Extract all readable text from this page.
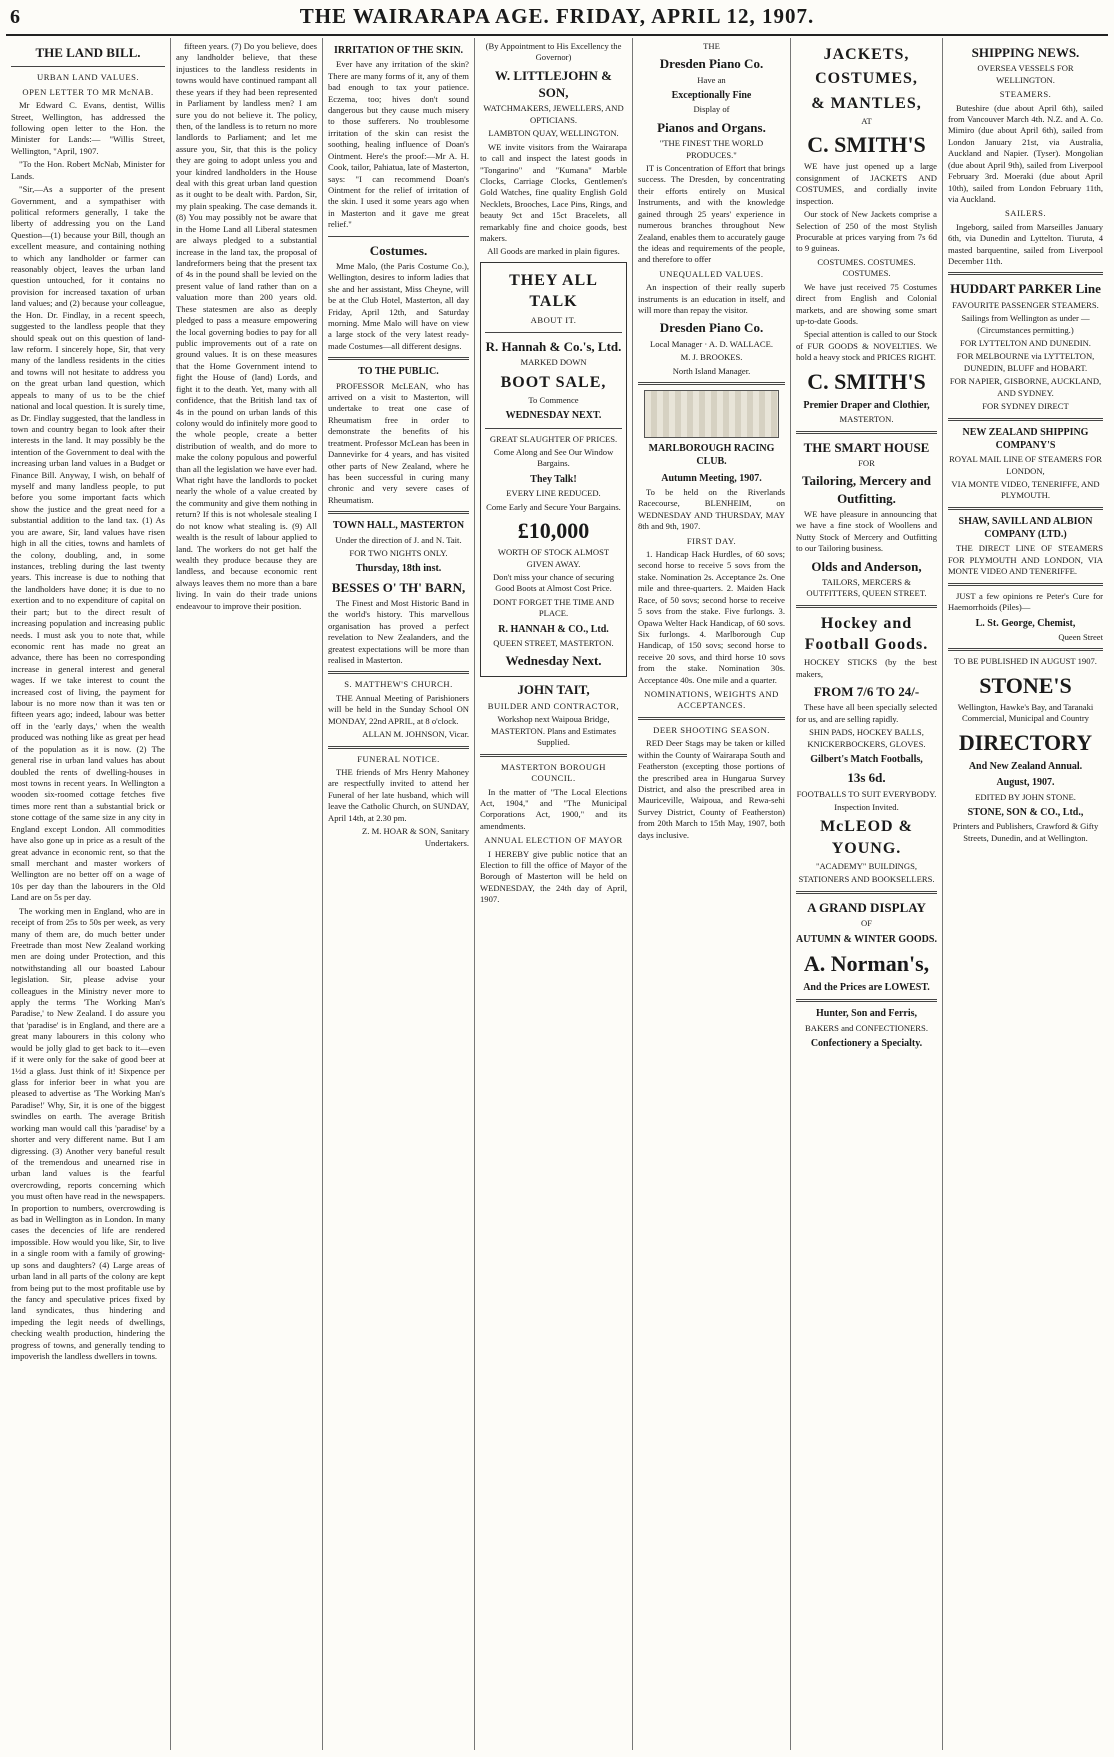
6	THE WAIRARAPA AGE. FRIDAY, APRIL 12, 1907.
THE LAND BILL.
URBAN LAND VALUES.
OPEN LETTER TO MR McNAB.

Mr Edward C. Evans, dentist, Willis Street, Wellington, has addressed the following open letter to the Hon. the Minister for Lands:— "Willis Street, Wellington, "April, 1907.

"To the Hon. Robert McNab, Minister for Lands.

"Sir,—As a supporter of the present Government, and a sympathiser with political reformers generally, I take the liberty of addressing you on the Land Question—(1) because your Bill, though an excellent measure, and containing nothing to which any landholder or farmer can reasonably object, leaves the urban land question untouched, for it contains no provision for increased taxation of urban land values; and (2) because your colleague, the Hon. Dr. Findlay, in a recent speech, suggested to the landless people that they should speak out on this question of land-law reform. I sincerely hope, Sir, that very many of the landless residents in the cities and towns will not hesitate to address you on the great urban land question, which appeals to many of us to be the chief national and local question. It is surely time, as Dr. Findlay suggested, that the landless in town and country began to look after their interests in the land. It may possibly be the intention of the Government to deal with the increasing urban land values in a Budget or Finance Bill. Anyway, I wish, on behalf of myself and many landless people, to put before you some important facts which show the justice and the great need for a substantial addition to the land tax. (1) As you are aware, Sir, land values have risen high in all the cities, towns and hamlets of the colony, doubling, and, in some instances, trebling during the last twenty years. This increase is due to nothing that the landholders have done; it is due to no exertion and to no expenditure of capital on their part; but to the direct result of increasing population and increasing public needs. I must ask you to note that, while economic rent has made no great an advance, there has been no corresponding increase in general interest and general wages. If we take interest to count the increased cost of living, the payment for labour is no more now than it was ten or fifteen years ago; indeed, labour was better off in the 'early days,' when the wealth produced was nothing like as great per head of the population as it is now. (2) The general rise in urban land values has about doubled the rents of dwelling-houses in most towns in recent years. In Wellington a wooden six-roomed cottage fetches five times more rent than a substantial brick or stone cottage of the same size in any city in England except London. All commodities have also gone up in price as a result of the great advance in economic rent, so that the small merchant and master workers of Wellington are no better off on a wage of 10s per day than the labourers in the Old Land are on 5s per day.

The working men in England, who are in receipt of from 25s to 50s per week, as very many of them are, do much better under Freetrade than most New Zealand working men are doing under Protection, and this notwithstanding all our boasted Labour legislation. Sir, please advise your colleagues in the Ministry never more to apply the terms 'The Working Man's Paradise,' to New Zealand. I do assure you that 'paradise' is in England, and there are a great many labourers in this colony who would be jolly glad to get back to it—even if it were only for the sake of good beer at 1½d a glass. Just think of it! Sixpence per glass for inferior beer in what you are pleased to advertise as 'The Working Man's Paradise!' Why, Sir, it is one of the biggest swindles on earth. The average British working man would call this 'paradise' by a shorter and very different name. But I am digressing. (3) Another very baneful result of the tremendous and unearned rise in urban land values is the fearful overcrowding, reports concerning which you must often have read in the newspapers. In proportion to numbers, overcrowding is as bad in Wellington as in London. In many cases the decencies of life are rendered impossible. How would you like, Sir, to live in a single room with a family of growing-up sons and daughters? (4) Large areas of urban land in all parts of the colony are kept from being put to the most profitable use by the fancy and speculative prices fixed by land syndicates, thus hindering and impeding the legit needs of dwellings, checking wealth production, hindering the progress of towns, and generally tending to impoverish the landless dwellers in towns.

fifteen years. (7) Do you believe, does any landholder believe, that these injustices to the landless residents in towns would have continued rampant all these years if they had been represented in Parliament by landless men? I am sure you do not believe it. The policy, then, of the landless is to return no more landlords to Parliament; and let me assure you, Sir, that this is the policy they are going to adopt unless you and your kindred landholders in the House deal with this great urban land question as it ought to be dealt with. Pardon, Sir, my plain speaking. The case demands it. (8) You may possibly not be aware that in the Home Land all Liberal statesmen are always pledged to a substantial increase in the land tax, the proposal of landreformers being that the present tax of 4s in the pound shall be levied on the present value of land rather than on a valuation more than 200 years old. These statesmen are also as deeply pledged to pass a measure empowering the local governing bodies to pay for all public improvements out of a rate on ground values. It is on these measures that the Home Government intend to fight the House of (land) Lords, and fight it to the death. Yet, many with all confidence, that the British land tax of 4s in the pound on urban lands of this colony would do infinitely more good to the whole people, create a better distribution of wealth, and do more to make the colony populous and powerful than all the legislation we have ever had. What right have the landlords to pocket nearly the whole of a value created by the community and give them nothing in return? If this is not wholesale stealing I do not know what stealing is. (9) All wealth is the result of labour applied to land. The workers do not get half the wealth they produce because they are landless, and because economic rent always leaves them no more than a bare living. In vain do their trade unions endeavour to improve their position.

IRRITATION OF THE SKIN.

Ever have any irritation of the skin? There are many forms of it, any of them bad enough to tax your patience. Eczema, too; hives don't sound dangerous but they cause much misery to those sufferers. No troublesome irritation of the skin can resist the soothing, healing influence of Doan's Ointment. Here's the proof:—Mr A. H. Cook, tailor, Pahiatua, late of Masterton, says: "I can recommend Doan's Ointment for the relief of irritation of the skin. I used it some years ago when in Masterton and it gave me great relief."

Costumes.

Mme Malo, (the Paris Costume Co.), Wellington, desires to inform ladies that she and her assistant, Miss Cheyne, will be at the Club Hotel, Masterton, all day Friday, April 12th, and Saturday morning. Mme Malo will have on view a large stock of the very latest ready-made Costumes—all different designs.

TO THE PUBLIC.

PROFESSOR McLEAN, who has arrived on a visit to Masterton, will undertake to treat one case of Rheumatism free in order to demonstrate the benefits of his treatment. Professor McLean has been in Dannevirke for 4 years, and has visited other parts of New Zealand, where he has been successful in curing many chronic and very severe cases of Rheumatism.

TOWN HALL, MASTERTON

Under the direction of J. and N. Tait.

FOR TWO NIGHTS ONLY.

Thursday, 18th inst.
BESSES O' TH' BARN,

The Finest and Most Historic Band in the world's history. This marvellous organisation has proved a perfect revelation to New Zealanders, and the greatest expectations will be more than realised in Masterton.

S. MATTHEW'S CHURCH.

THE Annual Meeting of Parishioners will be held in the Sunday School ON MONDAY, 22nd APRIL, at 8 o'clock.

ALLAN M. JOHNSON, Vicar.

FUNERAL NOTICE.

THE friends of Mrs Henry Mahoney are respectfully invited to attend her Funeral of her late husband, which will leave the Catholic Church, on SUNDAY, April 14th, at 2.30 pm.

Z. M. HOAR & SON, Sanitary Undertakers.

(By Appointment to His Excellency the Governor)

W. LITTLEJOHN & SON,

WATCHMAKERS, JEWELLERS, AND OPTICIANS.

LAMBTON QUAY, WELLINGTON.

WE invite visitors from the Wairarapa to call and inspect the latest goods in "Tongarino" and "Kumana" Marble Clocks, Carriage Clocks, Gentlemen's Gold Watches, fine quality English Gold Necklets, Brooches, Lace Pins, Rings, and beauty 9ct and 15ct Bracelets, all remarkably fine and choice goods, best makers.

All Goods are marked in plain figures.

THEY ALL TALK
ABOUT IT.
R. Hannah & Co.'s, Ltd.

MARKED DOWN

BOOT SALE,

To Commence

WEDNESDAY NEXT.

GREAT SLAUGHTER OF PRICES.

Come Along and See Our Window Bargains.

They Talk!

EVERY LINE REDUCED.

Come Early and Secure Your Bargains.

£10,000

WORTH OF STOCK ALMOST GIVEN AWAY.

Don't miss your chance of securing Good Boots at Almost Cost Price.

DONT FORGET THE TIME AND PLACE.

R. HANNAH & CO., Ltd.

QUEEN STREET, MASTERTON.

Wednesday Next.
JOHN TAIT,
BUILDER AND CONTRACTOR,

Workshop next Waipoua Bridge, MASTERTON. Plans and Estimates Supplied.

MASTERTON BOROUGH COUNCIL.

In the matter of "The Local Elections Act, 1904," and "The Municipal Corporations Act, 1900," and its amendments.

ANNUAL ELECTION OF MAYOR

I HEREBY give public notice that an Election to fill the office of Mayor of the Borough of Masterton will be held on WEDNESDAY, the 24th day of April, 1907.

THE

Dresden Piano Co.

Have an

Exceptionally Fine

Display of

Pianos and Organs.

"THE FINEST THE WORLD PRODUCES."

IT is Concentration of Effort that brings success. The Dresden, by concentrating their efforts entirely on Musical Instruments, and with the knowledge gained through 25 years' experience in numerous branches throughout New Zealand, enables them to accurately gauge the ideas and requirements of the people, and therefore to offer

UNEQUALLED VALUES.

An inspection of their really superb instruments is an education in itself, and will more than repay the visitor.

Dresden Piano Co.

Local Manager · A. D. WALLACE.

M. J. BROOKES.

North Island Manager.

MARLBOROUGH RACING CLUB.
Autumn Meeting, 1907.

To be held on the Riverlands Racecourse, BLENHEIM, on WEDNESDAY AND THURSDAY, MAY 8th and 9th, 1907.

FIRST DAY.

1. Handicap Hack Hurdles, of 60 sovs; second horse to receive 5 sovs from the stake. Nomination 2s. Acceptance 2s. One mile and three-quarters. 2. Maiden Hack Race, of 50 sovs; second horse to receive 5 sovs from the stake. Five furlongs. 3. Opawa Welter Hack Handicap, of 60 sovs. Six furlongs. 4. Marlborough Cup Handicap, of 150 sovs; second horse to receive 20 sovs, and third horse 10 sovs from the stake. Nomination 30s. Acceptance 40s. One mile and a quarter.

NOMINATIONS, WEIGHTS AND ACCEPTANCES.
DEER SHOOTING SEASON.

RED Deer Stags may be taken or killed within the County of Wairarapa South and Featherston (excepting those portions of the prescribed area in Hungarua Survey District, and also the prescribed area in Mauriceville, Waipoua, and Rewa-sehi Survey District, County of Featherston) from 20th March to 15th May, 1907, both days inclusive.

JACKETS,
COSTUMES,
& MANTLES,

AT

C. SMITH'S

WE have just opened up a large consignment of JACKETS AND COSTUMES, and cordially invite inspection.

Our stock of New Jackets comprise a Selection of 250 of the most Stylish Procurable at prices varying from 7s 6d to 9 guineas.

COSTUMES. COSTUMES. COSTUMES.

We have just received 75 Costumes direct from English and Colonial markets, and are showing some smart up-to-date Goods.

Special attention is called to our Stock of FUR GOODS & NOVELTIES. We hold a heavy stock and PRICES RIGHT.

C. SMITH'S
Premier Draper and Clothier,

MASTERTON.

THE SMART HOUSE

FOR

Tailoring, Mercery and Outfitting.

WE have pleasure in announcing that we have a fine stock of Woollens and Nutty Stock of Mercery and Outfitting to our Tailoring business.

Olds and Anderson,

TAILORS, MERCERS & OUTFITTERS, QUEEN STREET.

Hockey and Football Goods.

HOCKEY STICKS (by the best makers,

FROM 7/6 TO 24/-

These have all been specially selected for us, and are selling rapidly.

SHIN PADS, HOCKEY BALLS, KNICKERBOCKERS, GLOVES.

Gilbert's Match Footballs,
13s 6d.

FOOTBALLS TO SUIT EVERYBODY.

Inspection Invited.

McLEOD & YOUNG.

"ACADEMY" BUILDINGS,

STATIONERS AND BOOKSELLERS.

A GRAND DISPLAY

OF

AUTUMN & WINTER GOODS.
A. Norman's,
And the Prices are LOWEST.
Hunter, Son and Ferris,

BAKERS and CONFECTIONERS.

Confectionery a Specialty.
SHIPPING NEWS.

OVERSEA VESSELS FOR WELLINGTON.

STEAMERS.

Buteshire (due about April 6th), sailed from Vancouver March 4th. N.Z. and A. Co. Mimiro (due about April 6th), sailed from London January 21st, via Australia, Auckland and Napier. (Tyser). Mongolian (due about April 9th), sailed from Liverpool February 3rd. Moeraki (due about April 10th), sailed from London February 11th, via Auckland.

SAILERS.

Ingeborg, sailed from Marseilles January 6th, via Dunedin and Lyttelton. Tiuruta, 4 masted barquentine, sailed from Liverpool December 11th.

HUDDART PARKER Line

FAVOURITE PASSENGER STEAMERS.

Sailings from Wellington as under —(Circumstances permitting.)

FOR LYTTELTON AND DUNEDIN.

FOR MELBOURNE via LYTTELTON, DUNEDIN, BLUFF and HOBART.

FOR NAPIER, GISBORNE, AUCKLAND, AND SYDNEY.

FOR SYDNEY DIRECT

NEW ZEALAND SHIPPING COMPANY'S

ROYAL MAIL LINE OF STEAMERS FOR LONDON,

VIA MONTE VIDEO, TENERIFFE, AND PLYMOUTH.

SHAW, SAVILL AND ALBION COMPANY (LTD.)

THE DIRECT LINE OF STEAMERS FOR PLYMOUTH AND LONDON, VIA MONTE VIDEO AND TENERIFFE.

JUST a few opinions re Peter's Cure for Haemorrhoids (Piles)—

L. St. George, Chemist,

Queen Street

TO BE PUBLISHED IN AUGUST 1907.

STONE'S

Wellington, Hawke's Bay, and Taranaki Commercial, Municipal and Country

DIRECTORY
And New Zealand Annual.
August, 1907.

EDITED BY JOHN STONE.

STONE, SON & CO., Ltd.,

Printers and Publishers, Crawford & Gifty Streets, Dunedin, and at Wellington.
